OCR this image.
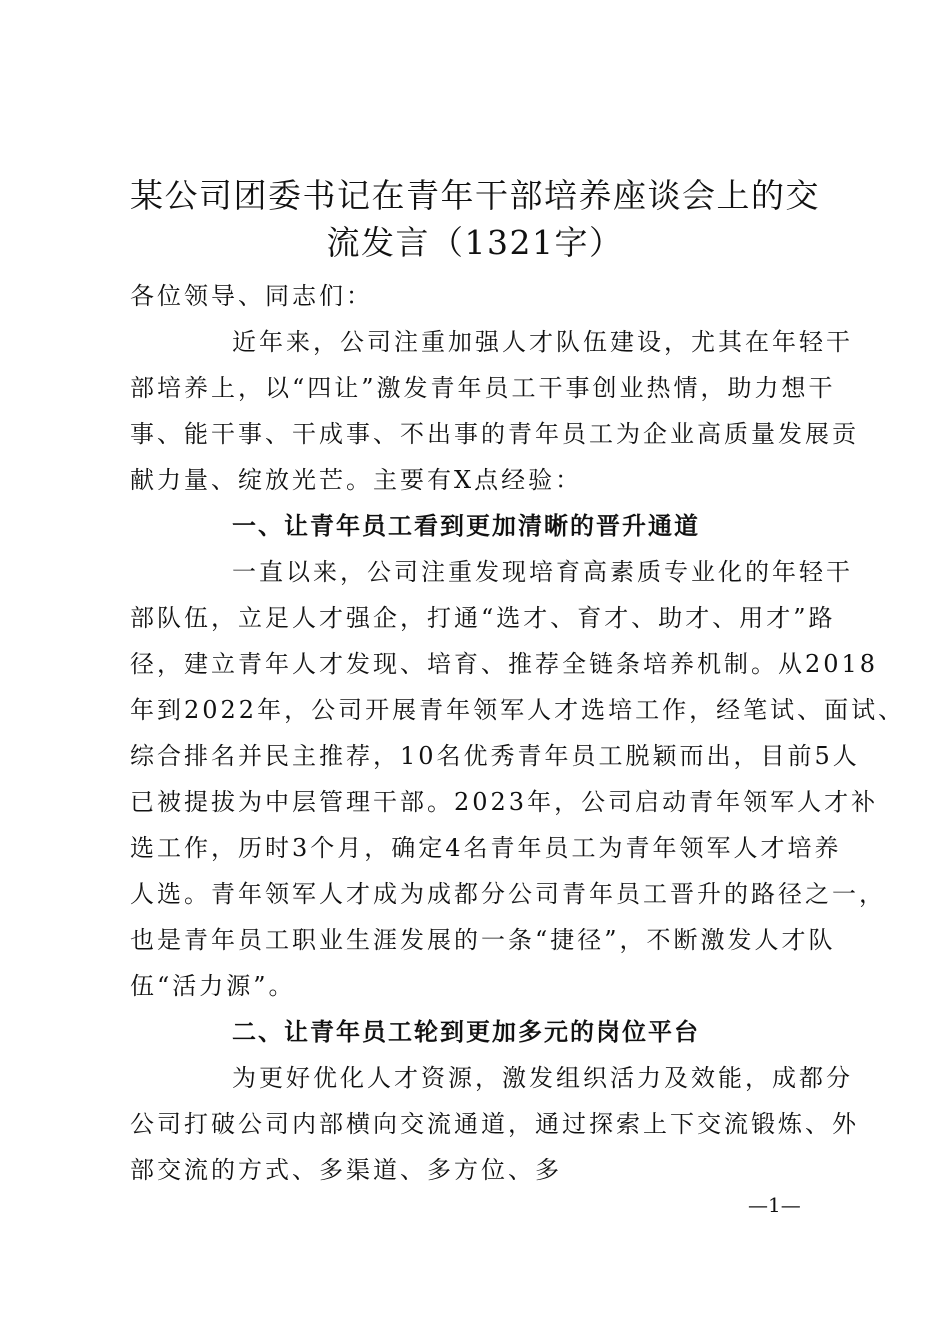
某公司团委书记在青年干部培养座谈会上的交
流发言（1321字）
各位领导、同志们：
近年来，公司注重加强人才队伍建设，尤其在年轻干
部培养上，以“四让”激发青年员工干事创业热情，助力想干
事、能干事、干成事、不出事的青年员工为企业高质量发展贡
献力量、绽放光芒。主要有X点经验：
一、让青年员工看到更加清晰的晋升通道
一直以来，公司注重发现培育高素质专业化的年轻干
部队伍，立足人才强企，打通“选才、育才、助才、用才”路
径，建立青年人才发现、培育、推荐全链条培养机制。从2018
年到2022年，公司开展青年领军人才选培工作，经笔试、面试、
综合排名并民主推荐，10名优秀青年员工脱颖而出，目前5人
已被提拔为中层管理干部。2023年，公司启动青年领军人才补
选工作，历时3个月，确定4名青年员工为青年领军人才培养
人选。青年领军人才成为成都分公司青年员工晋升的路径之一，
也是青年员工职业生涯发展的一条“捷径”，不断激发人才队
伍“活力源”。
二、让青年员工轮到更加多元的岗位平台
为更好优化人才资源，激发组织活力及效能，成都分
公司打破公司内部横向交流通道，通过探索上下交流锻炼、外
部交流的方式、多渠道、多方位、多
—1—
